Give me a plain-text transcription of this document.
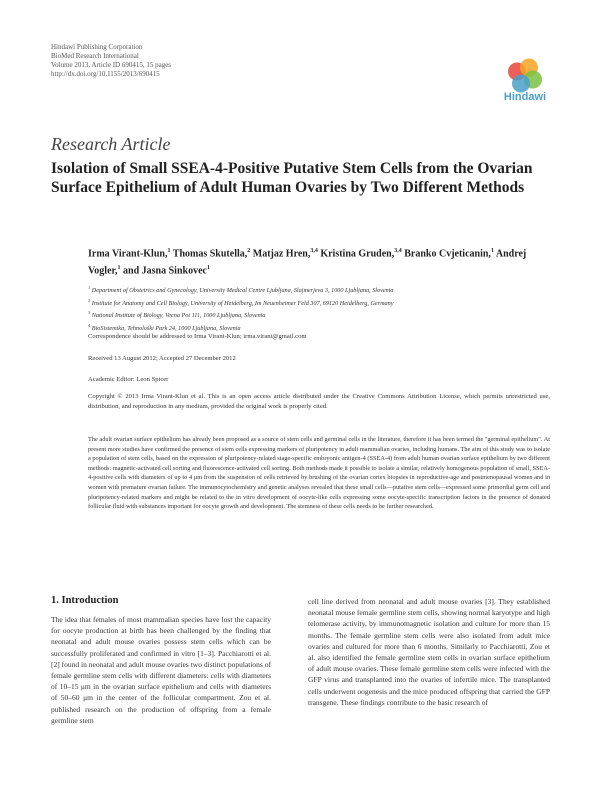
Hindawi Publishing Corporation
BioMed Research International
Volume 2013, Article ID 690415, 15 pages
http://dx.doi.org/10.1155/2013/690415
Hindawi
Research Article
Isolation of Small SSEA-4-Positive Putative Stem Cells from the Ovarian Surface Epithelium of Adult Human Ovaries by Two Different Methods
Irma Virant-Klun,$^1$ Thomas Skutella,$^2$ Matjaz Hren,$^{3,4}$ Kristina Gruden,$^{3,4}$ Branko Cvjeticanin,$^1$ Andrej Vogler,$^1$ and Jasna Sinkovec$^1$
$^1$ Department of Obstetrics and Gynecology, University Medical Centre Ljubljana, Slajmerjeva 3, 1000 Ljubljana, Slovenia
$^2$ Institute for Anatomy and Cell Biology, University of Heidelberg, Im Neuenheimer Feld 307, 69120 Heidelberg, Germany
$^3$ National Institute of Biology, Vecna Pot 111, 1000 Ljubljana, Slovenia
$^4$ BioSistemika, Tehnološki Park 24, 1000 Ljubljana, Slovenia
Correspondence should be addressed to Irma Virant-Klun; irma.virant@gmail.com
Received 13 August 2012; Accepted 27 December 2012
Academic Editor: Leon Spicer
Copyright © 2013 Irma Virant-Klun et al. This is an open access article distributed under the Creative Commons Attribution License, which permits unrestricted use, distribution, and reproduction in any medium, provided the original work is properly cited.
The adult ovarian surface epithelium has already been proposed as a source of stem cells and germinal cells in the literature, therefore it has been termed the "germinal epithelium". At present more studies have confirmed the presence of stem cells expressing markers of pluripotency in adult mammalian ovaries, including humans. The aim of this study was to isolate a population of stem cells, based on the expression of pluripotency-related stage-specific embryonic antigen-4 (SSEA-4) from adult human ovarian surface epithelium by two different methods: magnetic-activated cell sorting and fluorescence-activated cell sorting. Both methods made it possible to isolate a similar, relatively homogenous population of small, SSEA-4-positive cells with diameters of up to 4 μm from the suspension of cells retrieved by brushing of the ovarian cortex biopsies in reproductive-age and postmenopausal women and in women with premature ovarian failure. The immunocytochemistry and genetic analyses revealed that these small cells—putative stem cells—expressed some primordial germ cell and pluripotency-related markers and might be related to the in vitro development of oocyte-like cells expressing some oocyte-specific transcription factors in the presence of donated follicular fluid with substances important for oocyte growth and development. The stemness of these cells needs to be further researched.
1. Introduction

The idea that females of most mammalian species have lost the capacity for oocyte production at birth has been challenged by the finding that neonatal and adult mouse ovaries possess stem cells which can be successfully proliferated and confirmed in vitro [1–3]. Pacchiarotti et al. [2] found in neonatal and adult mouse ovaries two distinct populations of female germline stem cells with different diameters: cells with diameters of 10–15 μm in the ovarian surface epithelium and cells with diameters of 50–60 μm in the center of the follicular compartment. Zou et al. published research on the production of offspring from a female germline stem

cell line derived from neonatal and adult mouse ovaries [3]. They established neonatal mouse female germline stem cells, showing normal karyotype and high telomerase activity, by immunomagnetic isolation and culture for more than 15 months. The female germline stem cells were also isolated from adult mice ovaries and cultured for more than 6 months. Similarly to Pacchiarotti, Zou et al. also identified the female germline stem cells in ovarian surface epithelium of adult mouse ovaries. These female germline stem cells were infected with the GFP virus and transplanted into the ovaries of infertile mice. The transplanted cells underwent oogenesis and the mice produced offspring that carried the GFP transgene. These findings contribute to the basic research of
